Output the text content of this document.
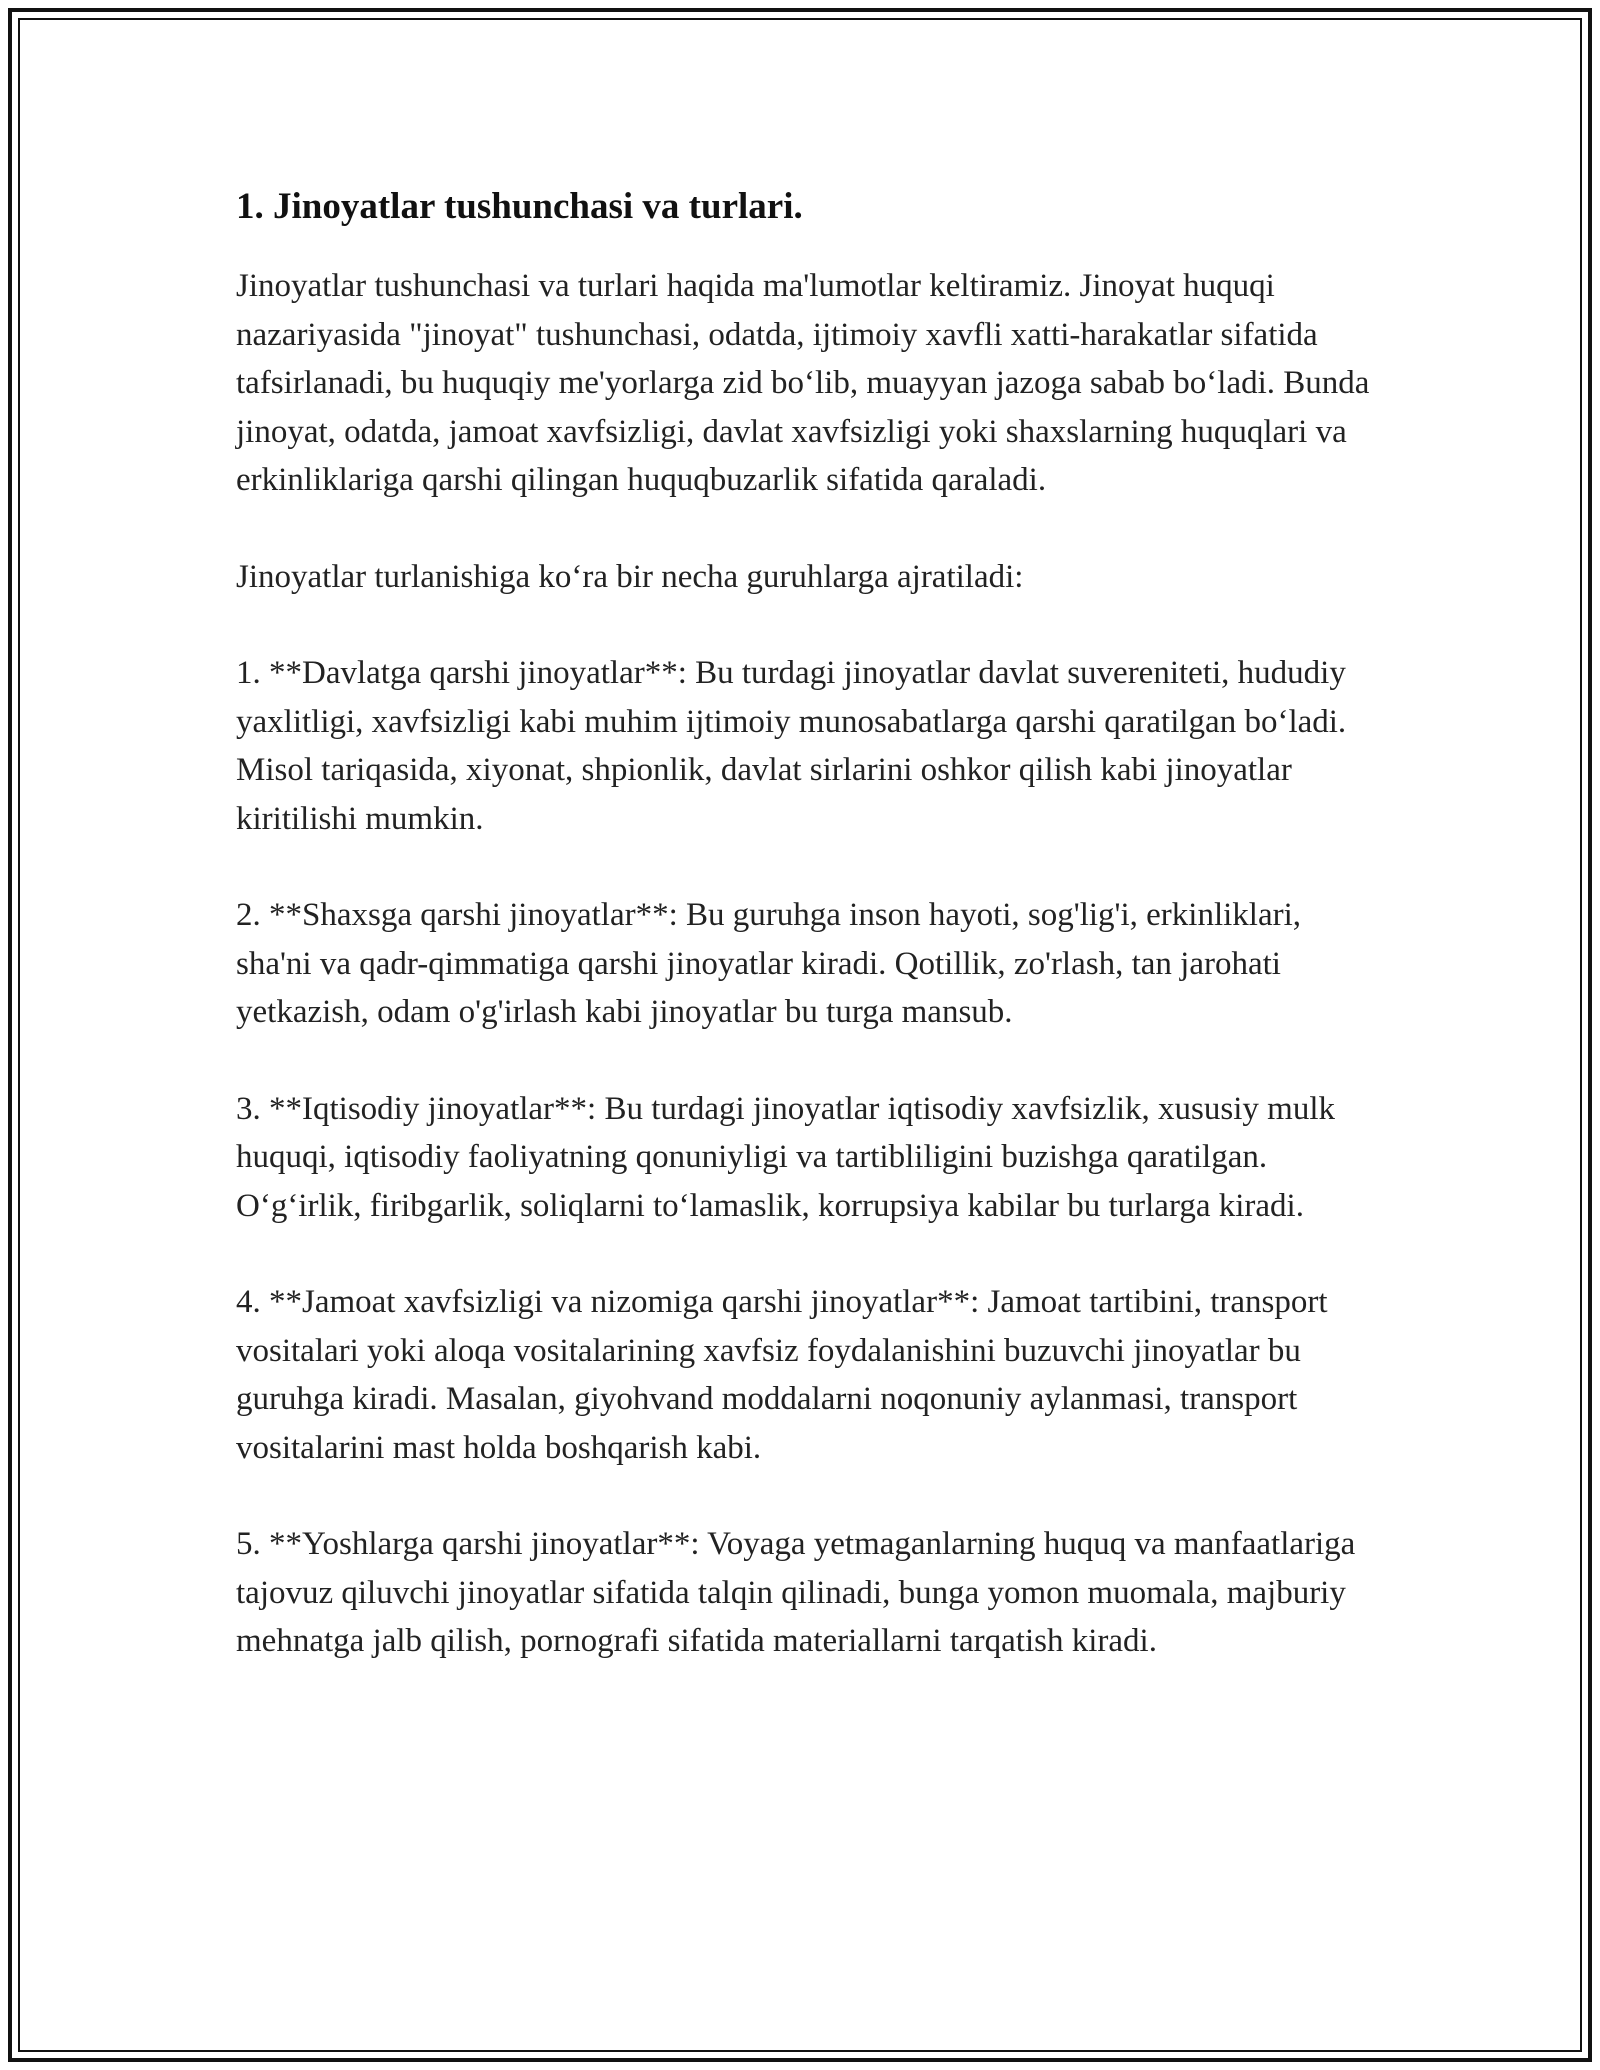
1. Jinoyatlar tushunchasi va turlari.

Jinoyatlar tushunchasi va turlari haqida ma'lumotlar keltiramiz. Jinoyat huquqi nazariyasida "jinoyat" tushunchasi, odatda, ijtimoiy xavfli xatti-harakatlar sifatida tafsirlanadi, bu huquqiy me'yorlarga zid bo‘lib, muayyan jazoga sabab bo‘ladi. Bunda jinoyat, odatda, jamoat xavfsizligi, davlat xavfsizligi yoki shaxslarning huquqlari va erkinliklariga qarshi qilingan huquqbuzarlik sifatida qaraladi.

Jinoyatlar turlanishiga ko‘ra bir necha guruhlarga ajratiladi:

1. **Davlatga qarshi jinoyatlar**: Bu turdagi jinoyatlar davlat suvereniteti, hududiy yaxlitligi, xavfsizligi kabi muhim ijtimoiy munosabatlarga qarshi qaratilgan bo‘ladi. Misol tariqasida, xiyonat, shpionlik, davlat sirlarini oshkor qilish kabi jinoyatlar kiritilishi mumkin.

2. **Shaxsga qarshi jinoyatlar**: Bu guruhga inson hayoti, sog'lig'i, erkinliklari, sha'ni va qadr-qimmatiga qarshi jinoyatlar kiradi. Qotillik, zo'rlash, tan jarohati yetkazish, odam o'g'irlash kabi jinoyatlar bu turga mansub.

3. **Iqtisodiy jinoyatlar**: Bu turdagi jinoyatlar iqtisodiy xavfsizlik, xususiy mulk huquqi, iqtisodiy faoliyatning qonuniyligi va tartibliligini buzishga qaratilgan. O‘g‘irlik, firibgarlik, soliqlarni to‘lamaslik, korrupsiya kabilar bu turlarga kiradi.

4. **Jamoat xavfsizligi va nizomiga qarshi jinoyatlar**: Jamoat tartibini, transport vositalari yoki aloqa vositalarining xavfsiz foydalanishini buzuvchi jinoyatlar bu guruhga kiradi. Masalan, giyohvand moddalarni noqonuniy aylanmasi, transport vositalarini mast holda boshqarish kabi.

5. **Yoshlarga qarshi jinoyatlar**: Voyaga yetmaganlarning huquq va manfaatlariga tajovuz qiluvchi jinoyatlar sifatida talqin qilinadi, bunga yomon muomala, majburiy mehnatga jalb qilish, pornografi sifatida materiallarni tarqatish kiradi.
